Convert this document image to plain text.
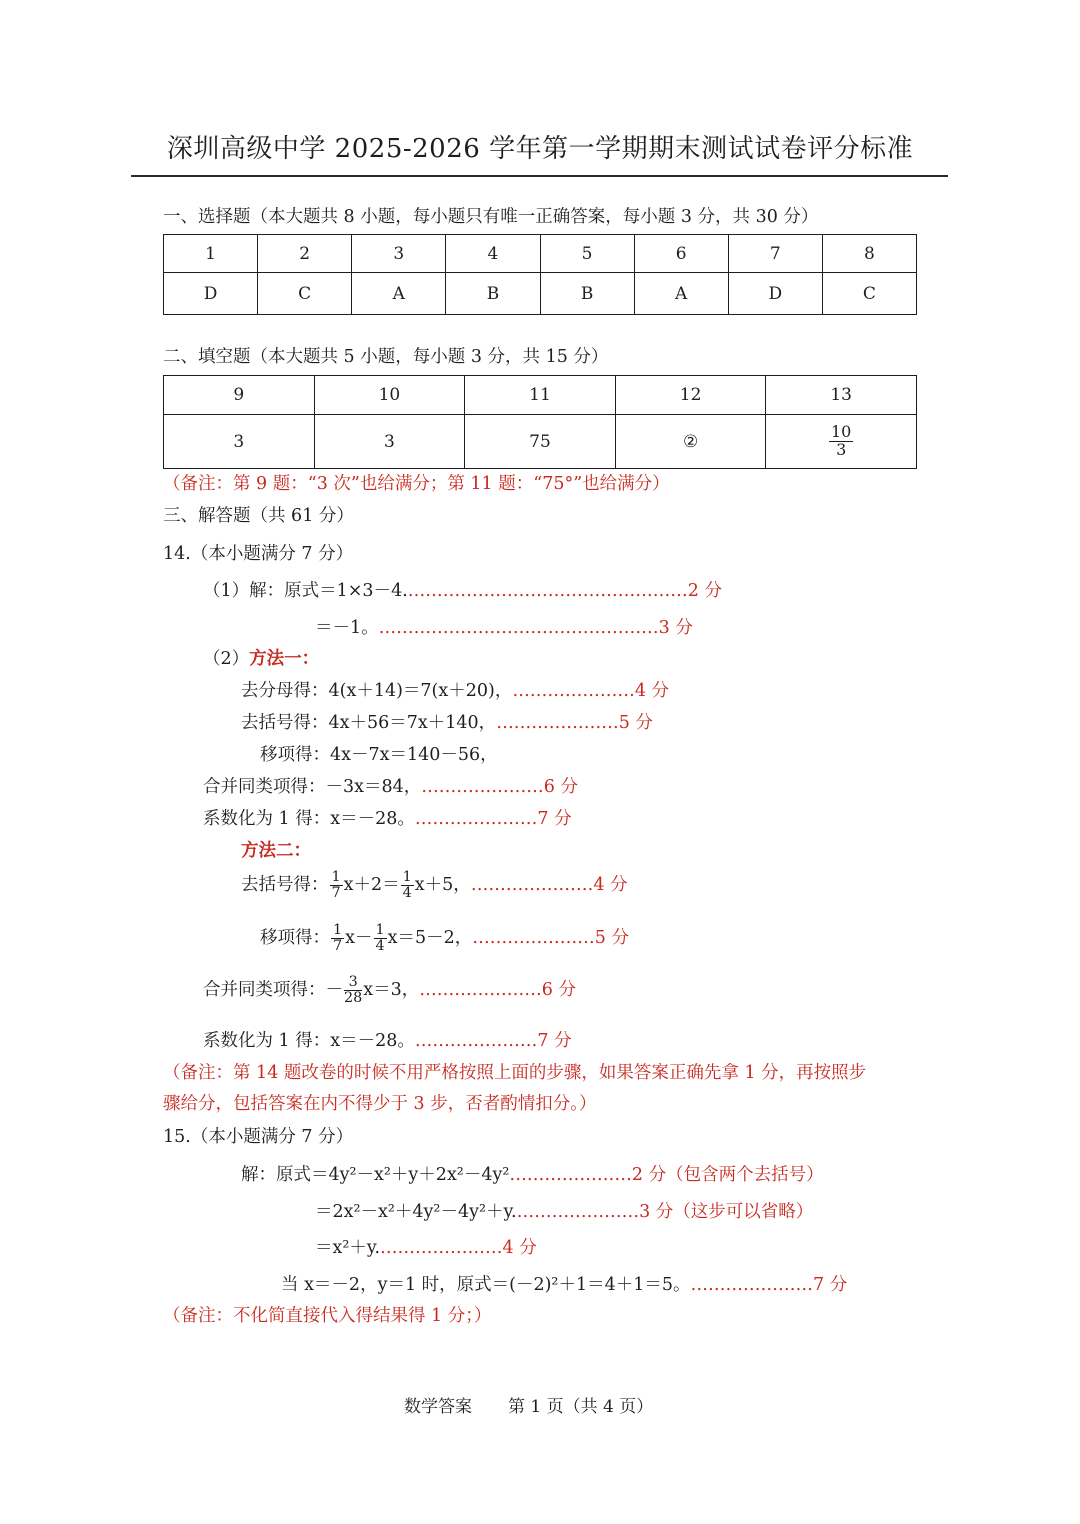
深圳高级中学 2025-2026 学年第一学期期末测试试卷评分标准
一、选择题（本大题共 8 小题，每小题只有唯一正确答案，每小题 3 分，共 30 分）
1	2	3	4	5	6	7	8
D	C	A	B	B	A	D	C
二、填空题（本大题共 5 小题，每小题 3 分，共 15 分）
9	10	11	12	13
3	3	75	②	$\frac{10}{3}$
（备注：第 9 题：“3 次”也给满分；第 11 题：“75°”也给满分）
三、解答题（共 61 分）
14.（本小题满分 7 分）
（1）解：原式＝1×3－4.…………………………………………2 分
＝－1。…………………………………………3 分
（2）方法一：
去分母得：4(x＋14)＝7(x＋20)，…………………4 分
去括号得：4x＋56＝7x＋140，…………………5 分
移项得：4x－7x＝140－56，
合并同类项得：－3x＝84，…………………6 分
系数化为 1 得：x＝－28。…………………7 分
方法二：
去括号得： $\frac{1}{7} x+2= \frac{1}{4} x+5$，…………………4 分
移项得： $\frac{1}{7} x- \frac{1}{4} x=5-2$，…………………5 分
合并同类项得：－ $\frac{3}{28} x=3$，…………………6 分
系数化为 1 得：x＝－28。…………………7 分
（备注：第 14 题改卷的时候不用严格按照上面的步骤，如果答案正确先拿 1 分，再按照步
骤给分，包括答案在内不得少于 3 步，否者酌情扣分。）
15.（本小题满分 7 分）
解：原式＝4y²－x²＋y＋2x²－4y²…………………2 分（包含两个去括号）
＝2x²－x²＋4y²－4y²＋y.…………………3 分（这步可以省略）
＝x²＋y.…………………4 分
当 x＝－2，y＝1 时，原式＝(－2)²＋1＝4＋1＝5。…………………7 分
（备注：不化简直接代入得结果得 1 分；）
数学答案 第 1 页（共 4 页）
